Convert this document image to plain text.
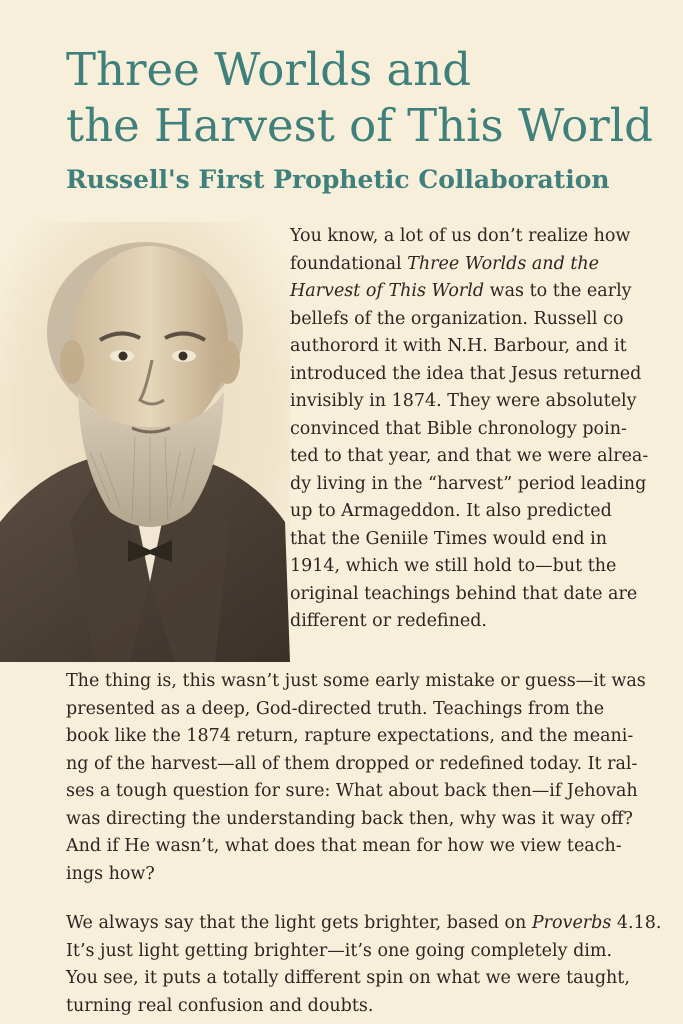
Three Worlds and
the Harvest of This World
Russell's First Prophetic Collaboration

You know, a lot of us don’t realize how
foundational Three Worlds and the
Harvest of This World was to the early
bellefs of the organization. Russell co
authorord it with N.H. Barbour, and it
introduced the idea that Jesus returned
invisibly in 1874. They were absolutely
convinced that Bible chronology poin-
ted to that year, and that we were alrea-
dy living in the “harvest” period leading
up to Armageddon. It also predicted
that the Geniile Times would end in
1914, which we still hold to—but the
original teachings behind that date are
different or redefined.

The thing is, this wasn’t just some early mistake or guess—it was
presented as a deep, God-directed truth. Teachings from the
book like the 1874 return, rapture expectations, and the meani-
ng of the harvest—all of them dropped or redefined today. It ral-
ses a tough question for sure: What about back then—if Jehovah
was directing the understanding back then, why was it way off?
And if He wasn’t, what does that mean for how we view teach-
ings how?

We always say that the light gets brighter, based on Proverbs 4.18.
It’s just light getting brighter—it’s one going completely dim.
You see, it puts a totally different spin on what we were taught,
turning real confusion and doubts.
